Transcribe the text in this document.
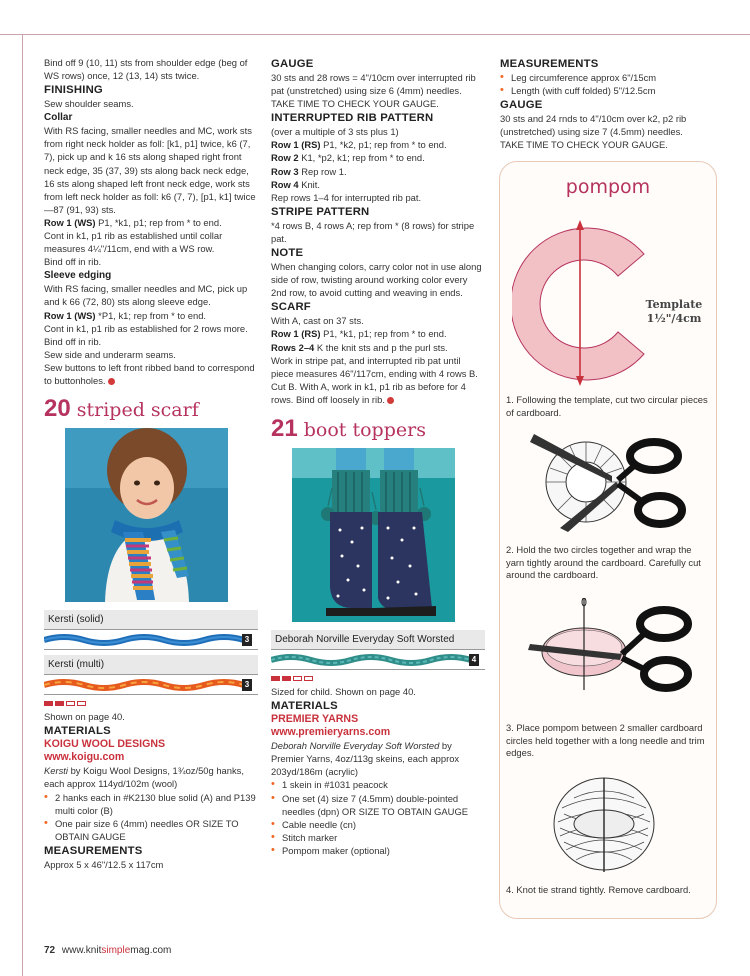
Bind off 9 (10, 11) sts from shoulder edge (beg of WS rows) once, 12 (13, 14) sts twice.

FINISHING

Sew shoulder seams.

Collar

With RS facing, smaller needles and MC, work sts from right neck holder as foll: [k1, p1] twice, k6 (7, 7), pick up and k 16 sts along shaped right front neck edge, 35 (37, 39) sts along back neck edge, 16 sts along shaped left front neck edge, work sts from left neck holder as foll: k6 (7, 7), [p1, k1] twice—87 (91, 93) sts.

Row 1 (WS) P1, *k1, p1; rep from * to end.

Cont in k1, p1 rib as established until collar measures 4¼"/11cm, end with a WS row.

Bind off in rib.

Sleeve edging

With RS facing, smaller needles and MC, pick up and k 66 (72, 80) sts along sleeve edge.

Row 1 (WS) *P1, k1; rep from * to end.

Cont in k1, p1 rib as established for 2 rows more. Bind off in rib.

Sew side and underarm seams.

Sew buttons to left front ribbed band to correspond to buttonholes.

20 striped scarf
Kersti (solid)
3
Kersti (multi)
3

Shown on page 40.

MATERIALS

KOIGU WOOL DESIGNS

www.koigu.com

Kersti by Koigu Wool Designs, 1¾oz/50g hanks, each approx 114yd/102m (wool)

• 2 hanks each in #K2130 blue solid (A) and P139 multi color (B)
• One pair size 6 (4mm) needles OR SIZE TO OBTAIN GAUGE
MEASUREMENTS

Approx 5 x 46"/12.5 x 117cm

GAUGE

30 sts and 28 rows = 4"/10cm over interrupted rib pat (unstretched) using size 6 (4mm) needles.

TAKE TIME TO CHECK YOUR GAUGE.

INTERRUPTED RIB PATTERN

(over a multiple of 3 sts plus 1)

Row 1 (RS) P1, *k2, p1; rep from * to end.

Row 2 K1, *p2, k1; rep from * to end.

Row 3 Rep row 1.

Row 4 Knit.

Rep rows 1–4 for interrupted rib pat.

STRIPE PATTERN

*4 rows B, 4 rows A; rep from * (8 rows) for stripe pat.

NOTE

When changing colors, carry color not in use along side of row, twisting around working color every 2nd row, to avoid cutting and weaving in ends.

SCARF

With A, cast on 37 sts.

Row 1 (RS) P1, *k1, p1; rep from * to end.

Rows 2–4 K the knit sts and p the purl sts.

Work in stripe pat, and interrupted rib pat until piece measures 46"/117cm, ending with 4 rows B. Cut B. With A, work in k1, p1 rib as before for 4 rows. Bind off loosely in rib.

21 boot toppers
Deborah Norville Everyday Soft Worsted
4

Sized for child. Shown on page 40.

MATERIALS

PREMIER YARNS

www.premieryarns.com

Deborah Norville Everyday Soft Worsted by Premier Yarns, 4oz/113g skeins, each approx 203yd/186m (acrylic)

• 1 skein in #1031 peacock
• One set (4) size 7 (4.5mm) double-pointed needles (dpn) OR SIZE TO OBTAIN GAUGE
• Cable needle (cn)
• Stitch marker
• Pompom maker (optional)
MEASUREMENTS
• Leg circumference approx 6"/15cm
• Length (with cuff folded) 5"/12.5cm
GAUGE

30 sts and 24 rnds to 4"/10cm over k2, p2 rib (unstretched) using size 7 (4.5mm) needles.

TAKE TIME TO CHECK YOUR GAUGE.

pompom
Template
1½"/4cm
1. Following the template, cut two circular pieces of cardboard.
2. Hold the two circles together and wrap the yarn tightly around the cardboard. Carefully cut around the cardboard.
3. Place pompom between 2 smaller cardboard circles held together with a long needle and trim edges.
4. Knot tie strand tightly. Remove cardboard.
72 www.knitsimplemag.com
